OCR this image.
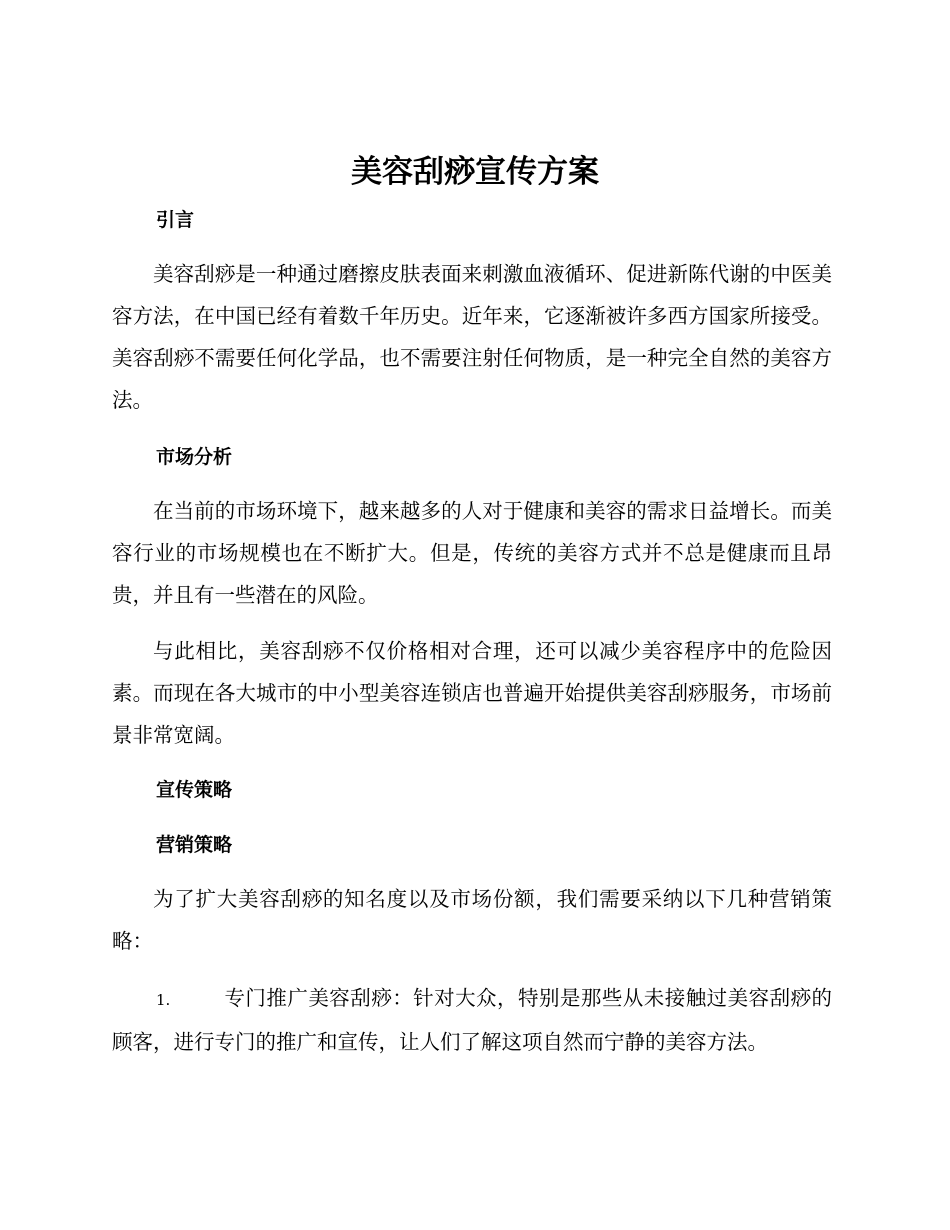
美容刮痧宣传方案
引言

美容刮痧是一种通过磨擦皮肤表面来刺激血液循环、促进新陈代谢的中医美容方法，在中国已经有着数千年历史。近年来，它逐渐被许多西方国家所接受。美容刮痧不需要任何化学品，也不需要注射任何物质，是一种完全自然的美容方法。

市场分析

在当前的市场环境下，越来越多的人对于健康和美容的需求日益增长。而美容行业的市场规模也在不断扩大。但是，传统的美容方式并不总是健康而且昂贵，并且有一些潜在的风险。

与此相比，美容刮痧不仅价格相对合理，还可以减少美容程序中的危险因素。而现在各大城市的中小型美容连锁店也普遍开始提供美容刮痧服务，市场前景非常宽阔。

宣传策略
营销策略

为了扩大美容刮痧的知名度以及市场份额，我们需要采纳以下几种营销策略：

1.	专门推广美容刮痧：针对大众，特别是那些从未接触过美容刮痧的顾客，进行专门的推广和宣传，让人们了解这项自然而宁静的美容方法。
